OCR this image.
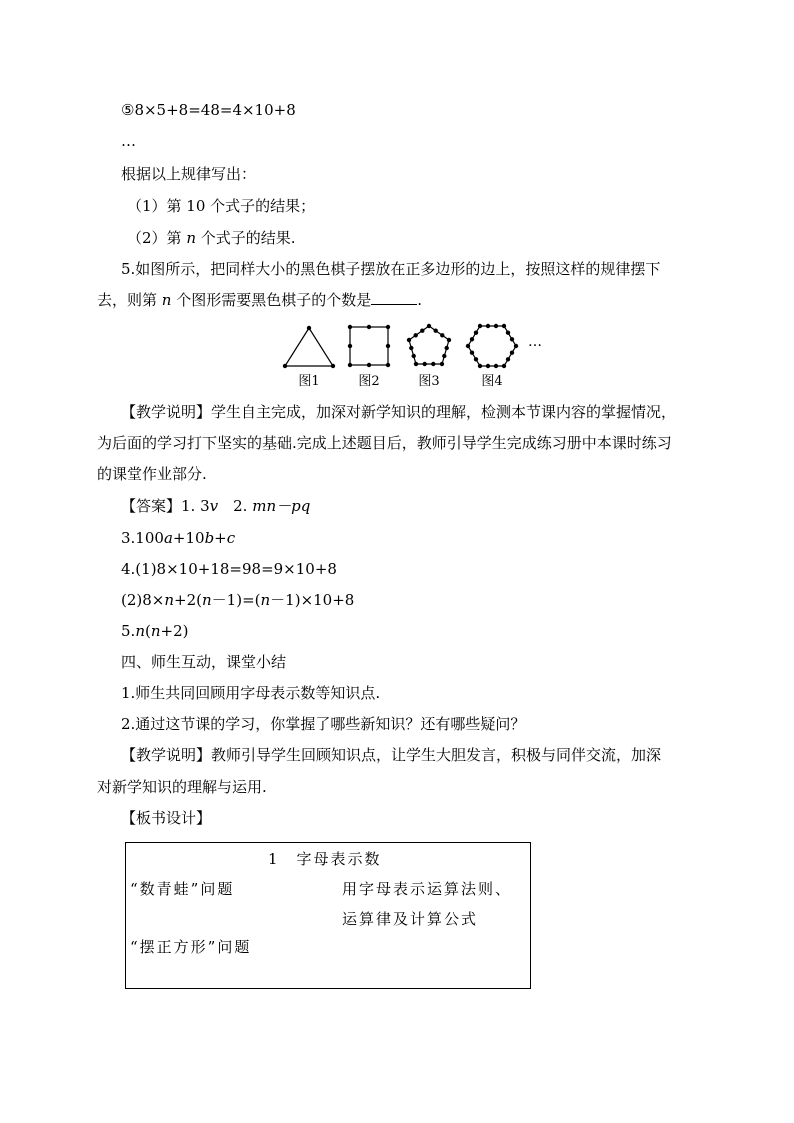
⑤8×5+8=48=4×10+8
…
根据以上规律写出：
（1）第 10 个式子的结果；
（2）第 n 个式子的结果.
5.如图所示，把同样大小的黑色棋子摆放在正多边形的边上，按照这样的规律摆下
去，则第 n 个图形需要黑色棋子的个数是	.
…
图1	图2	图3	图4
【教学说明】学生自主完成，加深对新学知识的理解，检测本节课内容的掌握情况，
为后面的学习打下坚实的基础.完成上述题目后，教师引导学生完成练习册中本课时练习
的课堂作业部分.
【答案】1. 3v　 2. mn－pq
3.100a+10b+c
4.(1)8×10+18=98=9×10+8
(2)8×n+2(n－1)=(n－1)×10+8
5.n(n+2)
四、师生互动，课堂小结
1.师生共同回顾用字母表示数等知识点.
2.通过这节课的学习，你掌握了哪些新知识？还有哪些疑问？
【教学说明】教师引导学生回顾知识点，让学生大胆发言，积极与同伴交流，加深
对新学知识的理解与运用.
【板书设计】
1　字母表示数
“数青蛙”问题	用字母表示运算法则、
运算律及计算公式
“摆正方形”问题
